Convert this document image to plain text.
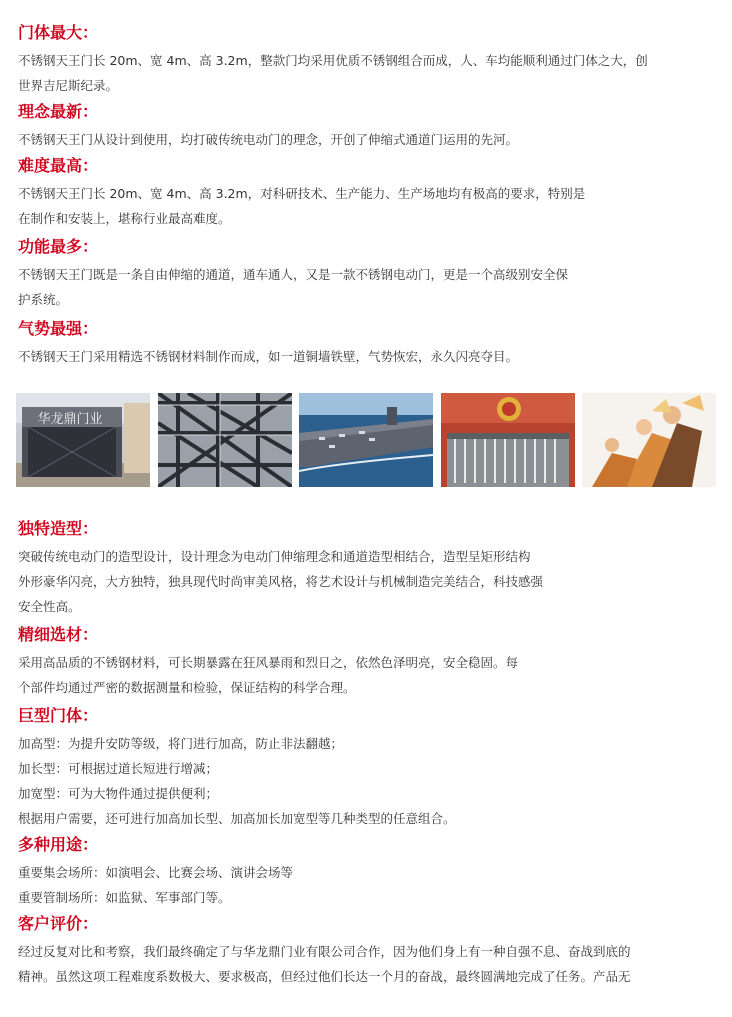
门体最大：

不锈钢天王门长 20m、宽 4m、高 3.2m，整款门均采用优质不锈钢组合而成，人、车均能顺利通过门体之大，创

世界吉尼斯纪录。

理念最新：

不锈钢天王门从设计到使用，均打破传统电动门的理念，开创了伸缩式通道门运用的先河。

难度最高：

不锈钢天王门长 20m、宽 4m、高 3.2m，对科研技术、生产能力、生产场地均有极高的要求，特别是

在制作和安装上，堪称行业最高难度。

功能最多：

不锈钢天王门既是一条自由伸缩的通道，通车通人，又是一款不锈钢电动门，更是一个高级别安全保

护系统。

气势最强：

不锈钢天王门采用精选不锈钢材料制作而成，如一道铜墙铁壁，气势恢宏，永久闪亮夺目。

华龙鼎门业
独特造型：

突破传统电动门的造型设计，设计理念为电动门伸缩理念和通道造型相结合，造型呈矩形结构

外形豪华闪亮，大方独特，独具现代时尚审美风格，将艺术设计与机械制造完美结合，科技感强

安全性高。

精细选材：

采用高品质的不锈钢材料，可长期暴露在狂风暴雨和烈日之，依然色泽明亮，安全稳固。每

个部件均通过严密的数据测量和检验，保证结构的科学合理。

巨型门体：

加高型：为提升安防等级，将门进行加高，防止非法翻越；

加长型：可根据过道长短进行增减；

加宽型：可为大物件通过提供便利；

根据用户需要，还可进行加高加长型、加高加长加宽型等几种类型的任意组合。

多种用途：

重要集会场所：如演唱会、比赛会场、演讲会场等

重要管制场所：如监狱、军事部门等。

客户评价：

经过反复对比和考察，我们最终确定了与华龙鼎门业有限公司合作，因为他们身上有一种自强不息、奋战到底的

精神。虽然这项工程难度系数极大、要求极高，但经过他们长达一个月的奋战，最终圆满地完成了任务。产品无
